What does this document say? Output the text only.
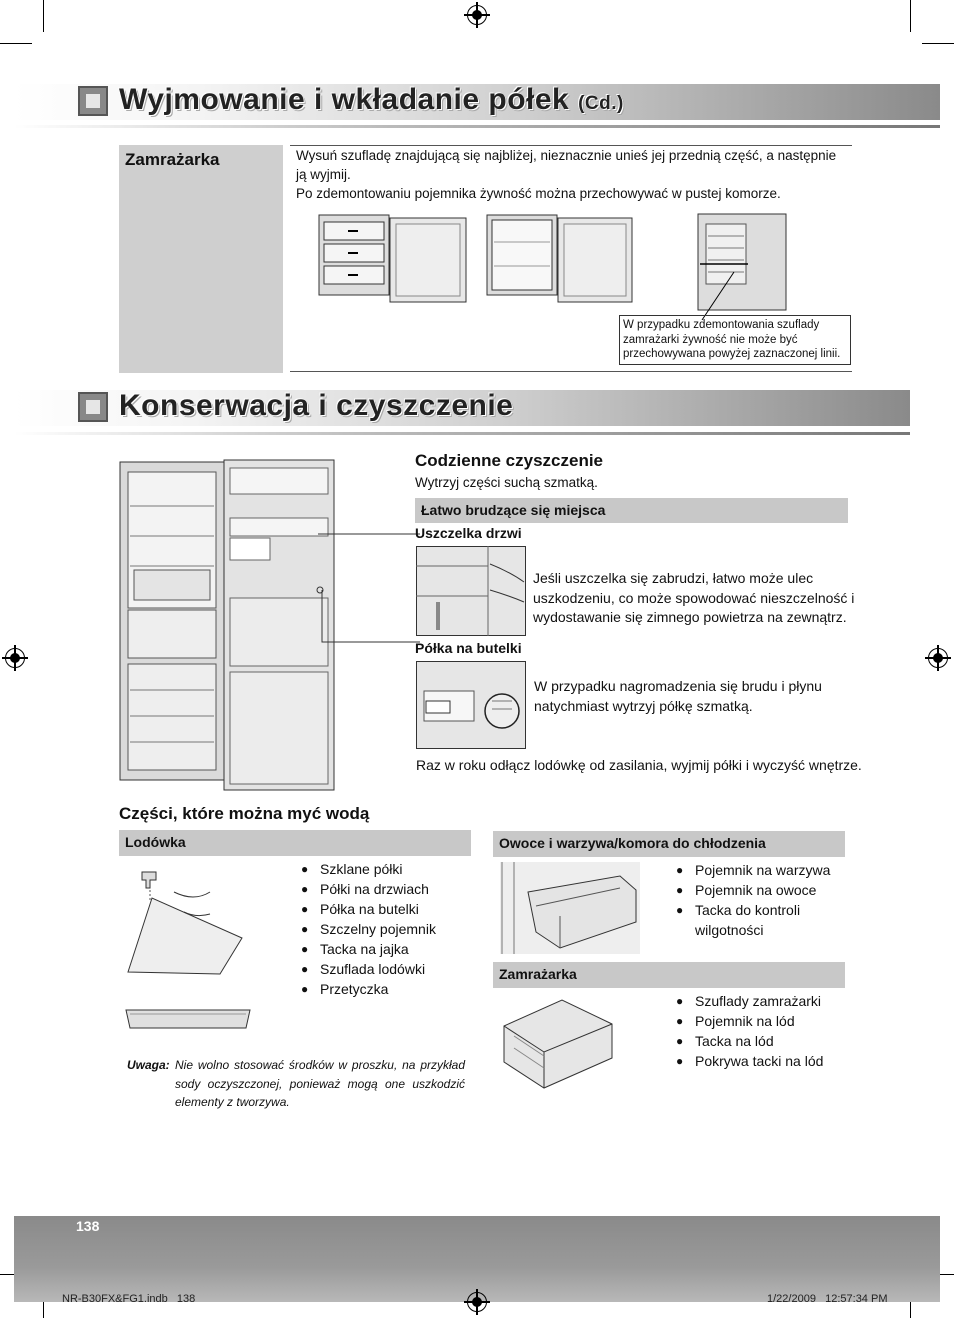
Wyjmowanie i wkładanie półek (Cd.)
Zamrażarka	Wysuń szufladę znajdującą się najbliżej, nieznacznie unieś jej przednią część, a następnie
ją wyjmij.
Po zdemontowaniu pojemnika żywność można przechowywać w pustej komorze.
W przypadku zdemontowania szuflady
zamrażarki żywność nie może być
przechowywana powyżej zaznaczonej linii.
Konserwacja i czyszczenie
Codzienne czyszczenie
Wytrzyj części suchą szmatką.
Łatwo brudzące się miejsca
Uszczelka drzwi
Jeśli uszczelka się zabrudzi, łatwo może ulec
uszkodzeniu, co może spowodować nieszczelność i
wydostawanie się zimnego powietrza na zewnątrz.
Półka na butelki
W przypadku nagromadzenia się brudu i płynu
natychmiast wytrzyj półkę szmatką.
Raz w roku odłącz lodówkę od zasilania, wyjmij półki i wyczyść wnętrze.
Części, które można myć wodą
Lodówka
● Szklane półki
● Półki na drzwiach
● Półka na butelki
● Szczelny pojemnik
● Tacka na jajka
● Szuflada lodówki
● Przetyczka
Uwaga: Nie wolno stosować środków w proszku, na przykład
sody oczyszczonej, ponieważ mogą one uszkodzić
elementy z tworzywa.
Owoce i warzywa/komora do chłodzenia
● Pojemnik na warzywa
● Pojemnik na owoce
● Tacka do kontroli
wilgotności
Zamrażarka
● Szuflady zamrażarki
● Pojemnik na lód
● Tacka na lód
● Pokrywa tacki na lód
138
NR-B30FX&FG1.indb   138	1/22/2009   12:57:34 PM
